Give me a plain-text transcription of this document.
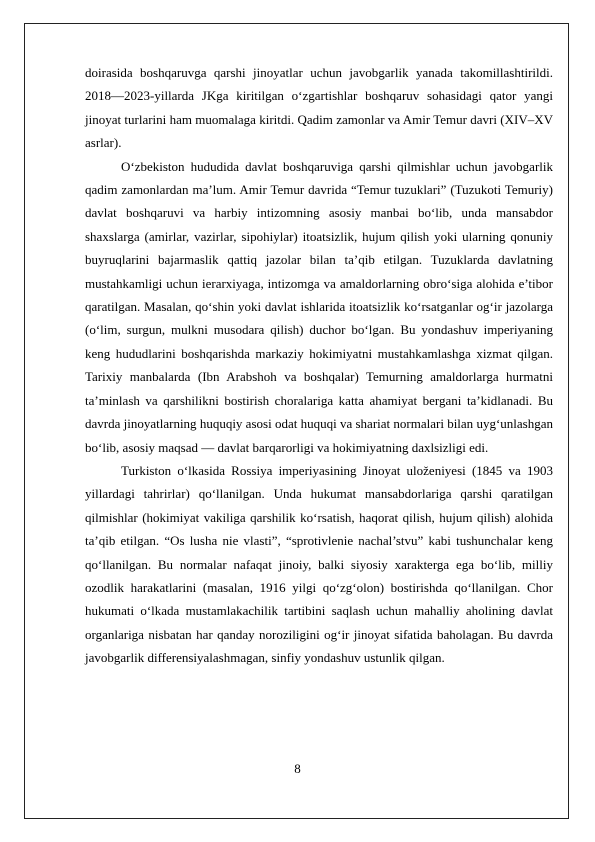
doirasida boshqaruvga qarshi jinoyatlar uchun javobgarlik yanada takomillashtirildi. 2018—2023-yillarda JKga kiritilgan o‘zgartishlar boshqaruv sohasidagi qator yangi jinoyat turlarini ham muomalaga kiritdi. Qadim zamonlar va Amir Temur davri (XIV–XV asrlar).

O‘zbekiston hududida davlat boshqaruviga qarshi qilmishlar uchun javobgarlik qadim zamonlardan ma’lum. Amir Temur davrida “Temur tuzuklari” (Tuzukoti Temuriy) davlat boshqaruvi va harbiy intizomning asosiy manbai bo‘lib, unda mansabdor shaxslarga (amirlar, vazirlar, sipohiylar) itoatsizlik, hujum qilish yoki ularning qonuniy buyruqlarini bajarmaslik qattiq jazolar bilan ta’qib etilgan. Tuzuklarda davlatning mustahkamligi uchun ierarxiyaga, intizomga va amaldorlarning obro‘siga alohida e’tibor qaratilgan. Masalan, qo‘shin yoki davlat ishlarida itoatsizlik ko‘rsatganlar og‘ir jazolarga (o‘lim, surgun, mulkni musodara qilish) duchor bo‘lgan. Bu yondashuv imperiyaning keng hududlarini boshqarishda markaziy hokimiyatni mustahkamlashga xizmat qilgan. Tarixiy manbalarda (Ibn Arabshoh va boshqalar) Temurning amaldorlarga hurmatni ta’minlash va qarshilikni bostirish choralariga katta ahamiyat bergani ta’kidlanadi. Bu davrda jinoyatlarning huquqiy asosi odat huquqi va shariat normalari bilan uyg‘unlashgan bo‘lib, asosiy maqsad — davlat barqarorligi va hokimiyatning daxlsizligi edi.

Turkiston o‘lkasida Rossiya imperiyasining Jinoyat uloženiyesi (1845 va 1903 yillardagi tahrirlar) qo‘llanilgan. Unda hukumat mansabdorlariga qarshi qaratilgan qilmishlar (hokimiyat vakiliga qarshilik ko‘rsatish, haqorat qilish, hujum qilish) alohida ta’qib etilgan. “Os lusha nie vlasti”, “sprotivlenie nachal’stvu” kabi tushunchalar keng qo‘llanilgan. Bu normalar nafaqat jinoiy, balki siyosiy xarakterga ega bo‘lib, milliy ozodlik harakatlarini (masalan, 1916 yilgi qo‘zg‘olon) bostirishda qo‘llanilgan. Chor hukumati o‘lkada mustamlakachilik tartibini saqlash uchun mahalliy aholining davlat organlariga nisbatan har qanday noroziligini og‘ir jinoyat sifatida baholagan. Bu davrda javobgarlik differensiyalashmagan, sinfiy yondashuv ustunlik qilgan.

8
